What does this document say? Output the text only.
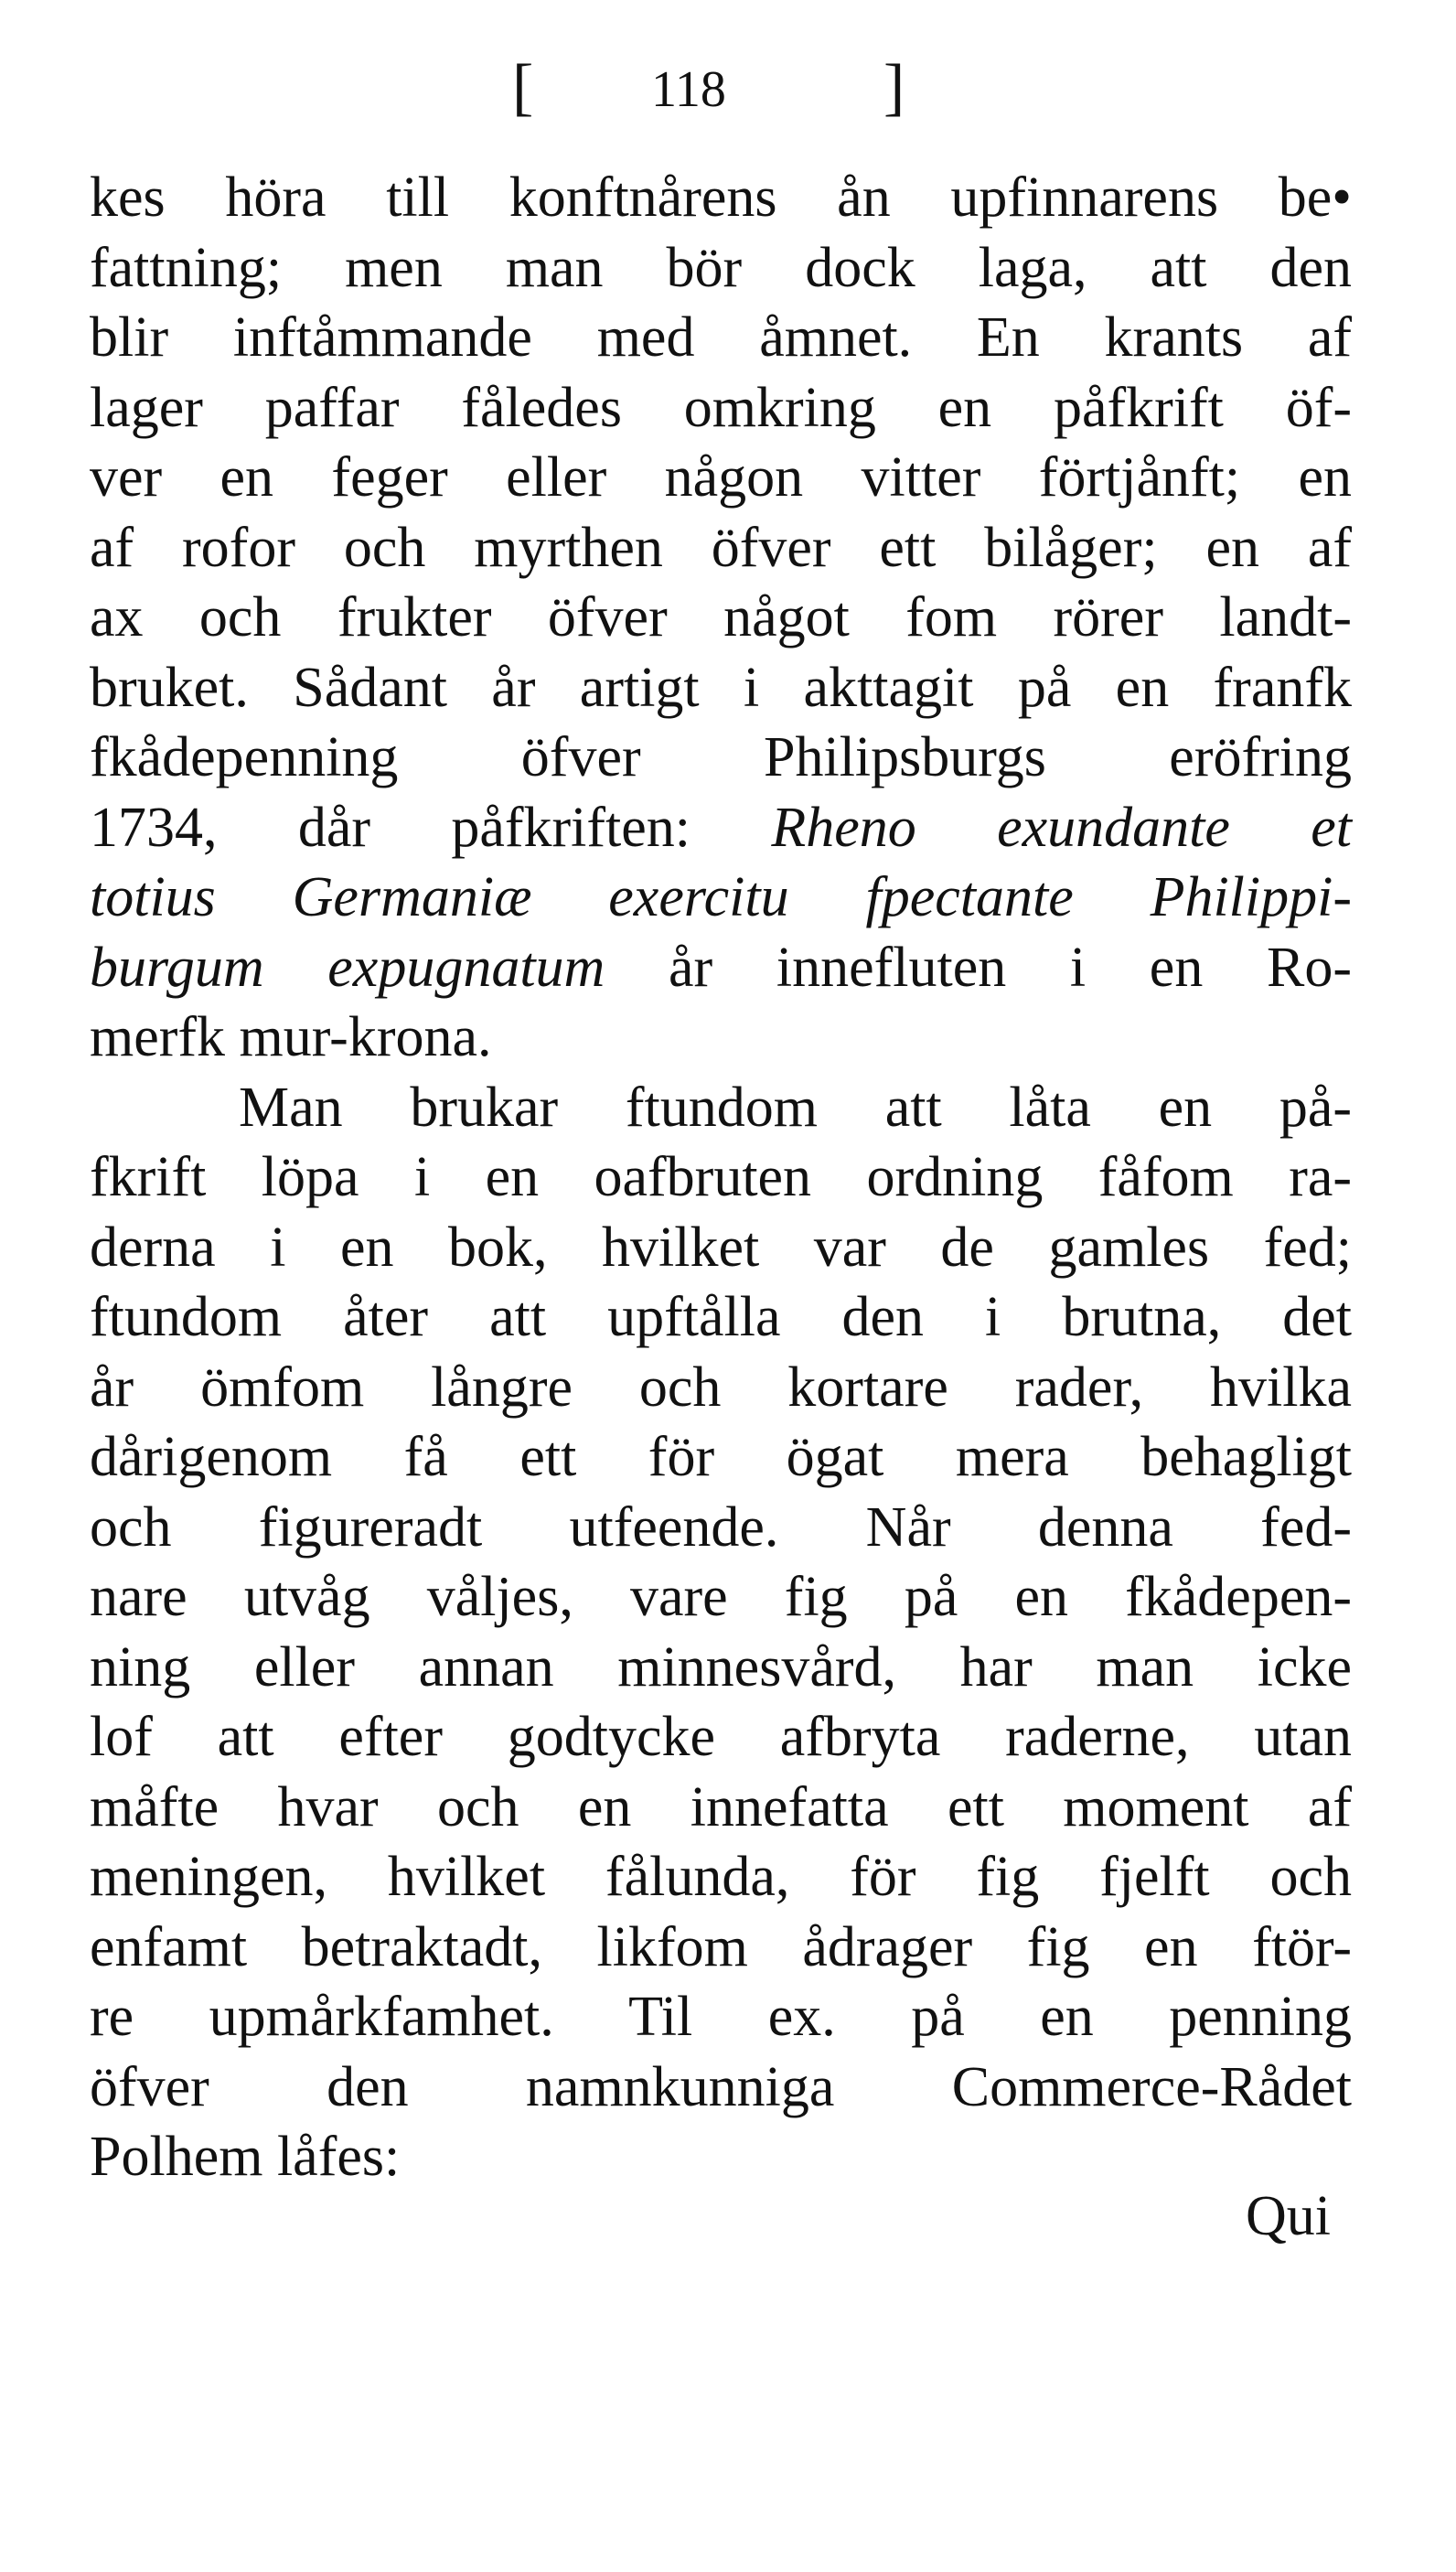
[ 118 ]
kes höra till konftnårens ån upfinnarens be•
fattning; men man bör dock laga, att den
blir inftåmmande med åmnet. En krants af
lager paffar fåledes omkring en påfkrift öf-
ver en feger eller någon vitter förtjånft; en
af rofor och myrthen öfver ett bilåger; en af
ax och frukter öfver något fom rörer landt-
bruket. Sådant år artigt i akttagit på en franfk
fkådepenning öfver Philipsburgs eröfring
1734, dår påfkriften: Rheno exundante et
totius Germaniæ exercitu fpectante Philippi-
burgum expugnatum år innefluten i en Ro-
merfk mur-krona.
Man brukar ftundom att låta en på-
fkrift löpa i en oafbruten ordning fåfom ra-
derna i en bok, hvilket var de gamles fed;
ftundom åter att upftålla den i brutna, det
år ömfom långre och kortare rader, hvilka
dårigenom få ett för ögat mera behagligt
och figureradt utfeende. Når denna fed-
nare utvåg våljes, vare fig på en fkådepen-
ning eller annan minnesvård, har man icke
lof att efter godtycke afbryta raderne, utan
måfte hvar och en innefatta ett moment af
meningen, hvilket fålunda, för fig fjelft och
enfamt betraktadt, likfom ådrager fig en ftör-
re upmårkfamhet. Til ex. på en penning
öfver den namnkunniga Commerce-Rådet
Polhem låfes:
Qui
